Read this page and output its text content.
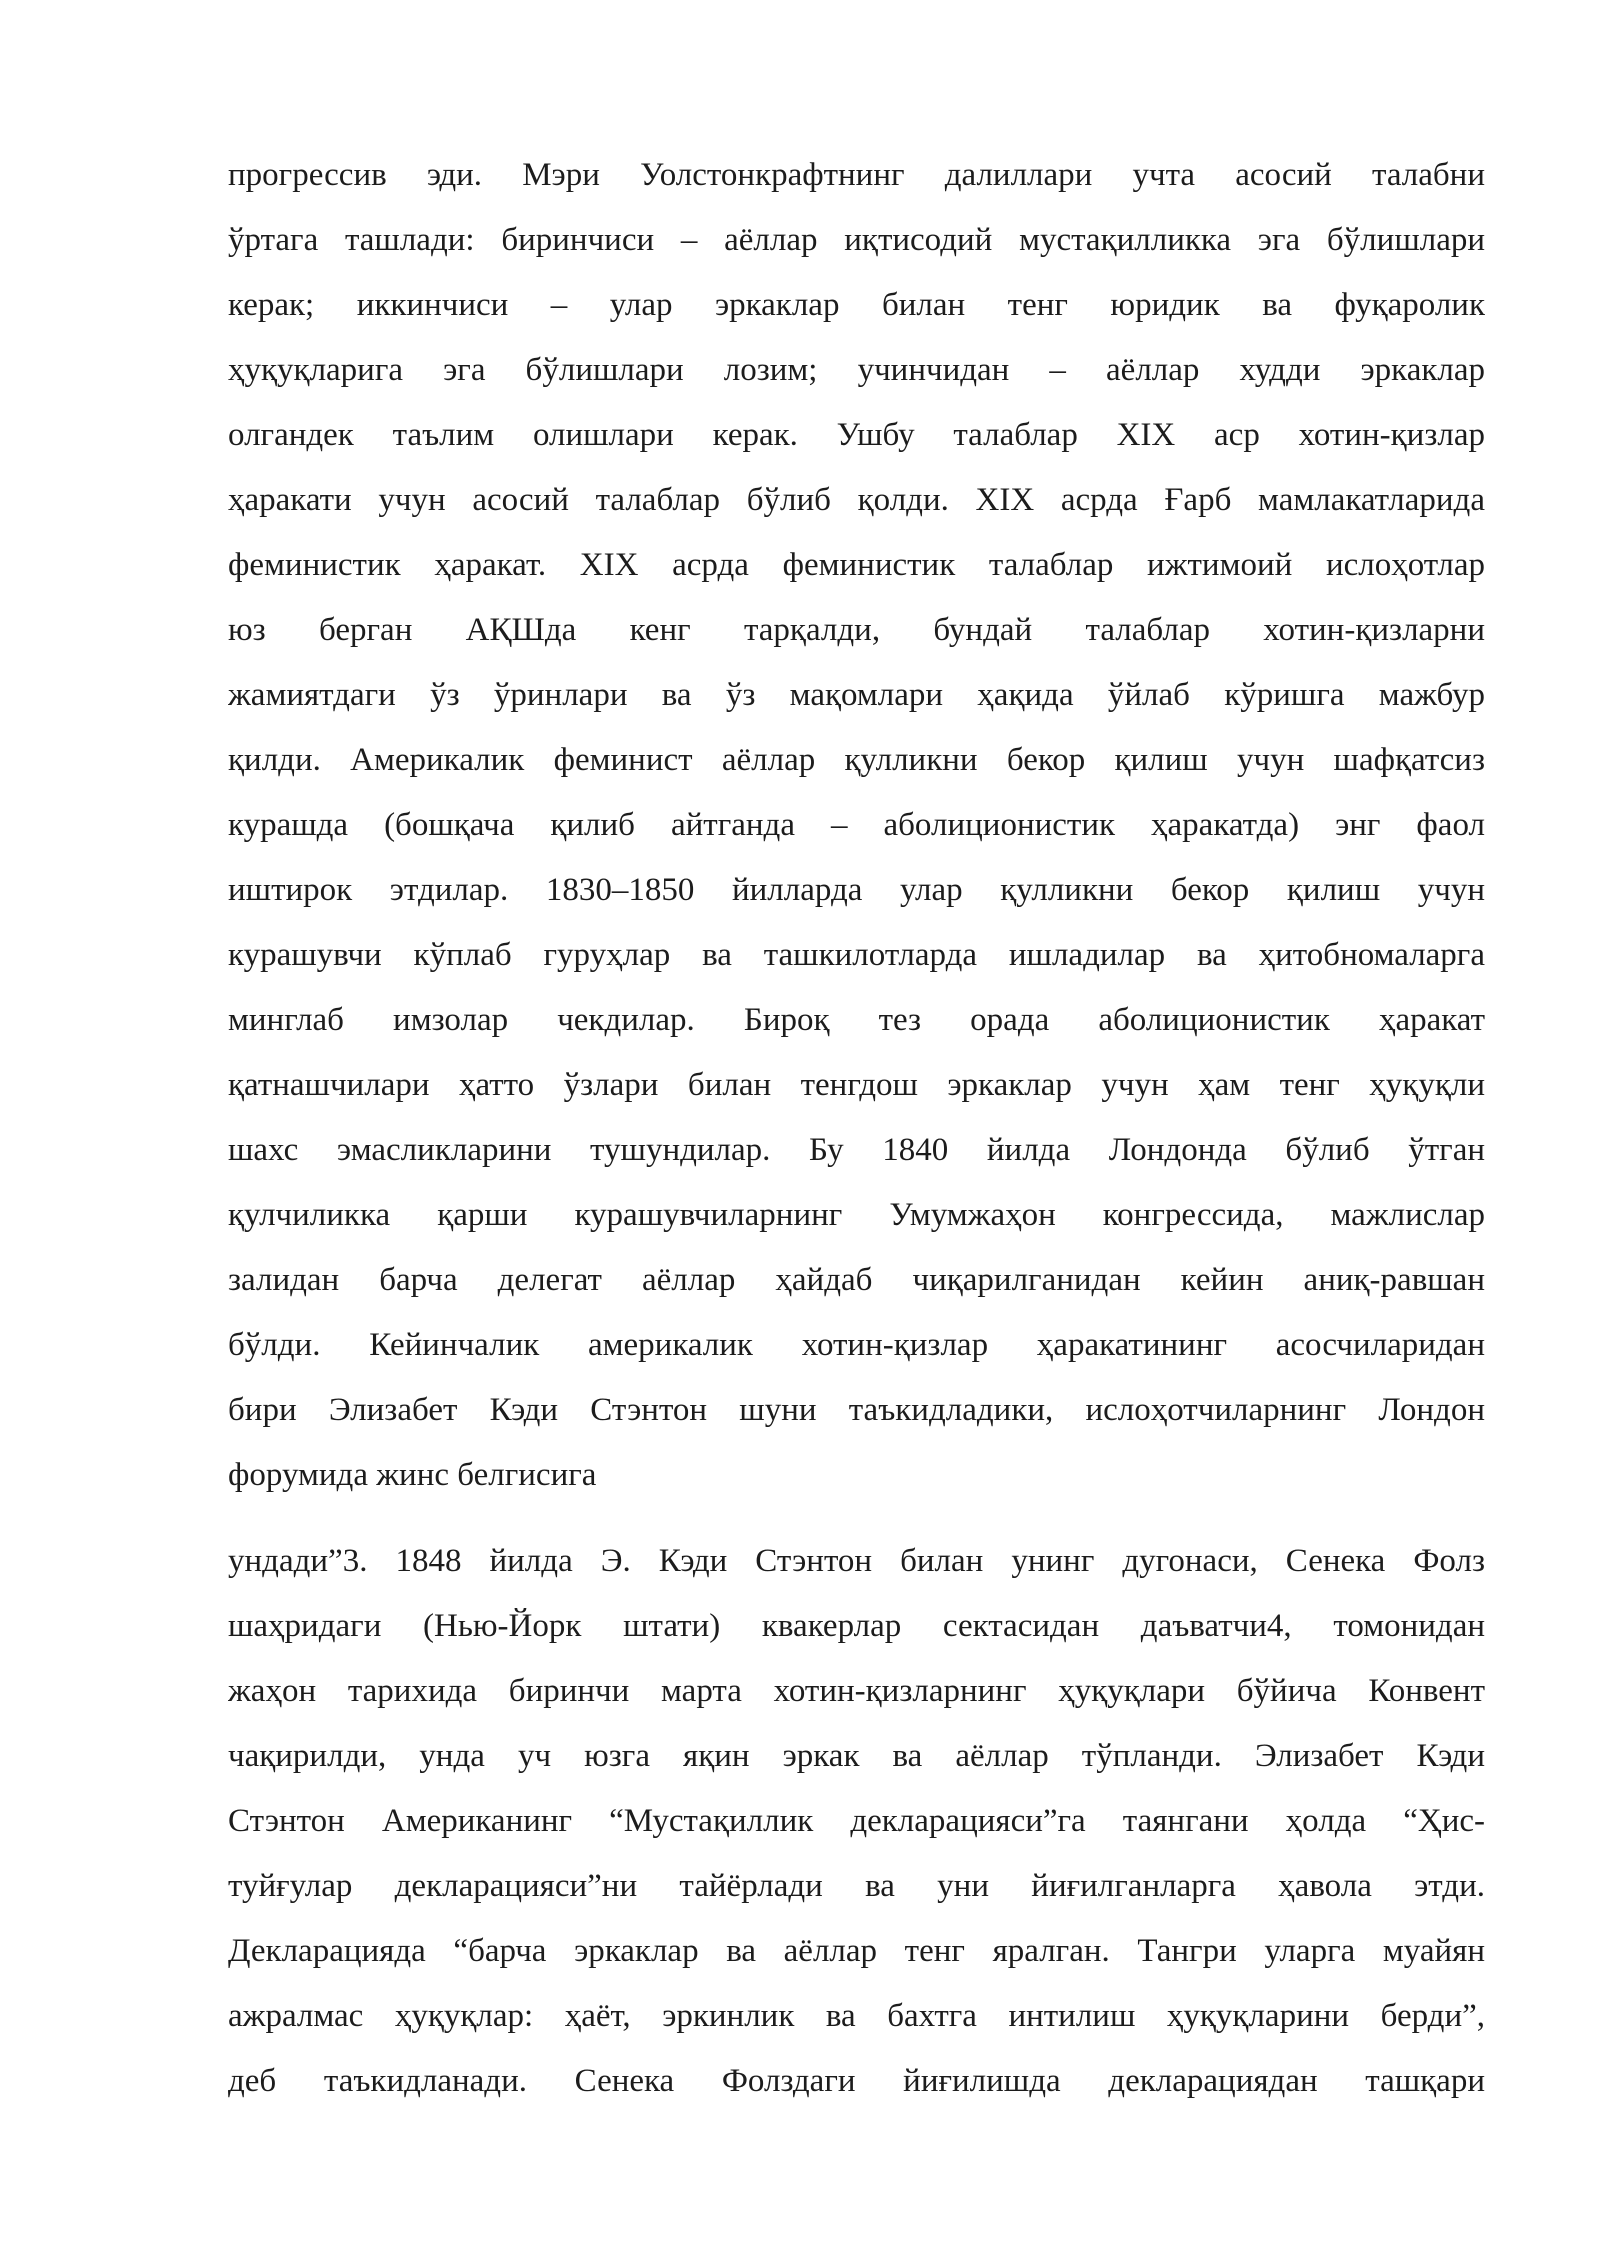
прогрессив эди. Мэри Уолстонкрафтнинг далиллари учта асосий талабни
ўртага ташлади: биринчиси – аёллар иқтисодий мустақилликка эга бўлишлари
керак; иккинчиси – улар эркаклар билан тенг юридик ва фуқаролик
ҳуқуқларига эга бўлишлари лозим; учинчидан – аёллар худди эркаклар
олгандек таълим олишлари керак. Ушбу талаблар XIX аср хотин-қизлар
ҳаракати учун асосий талаблар бўлиб қолди. XIX асрда Ғарб мамлакатларида
феминистик ҳаракат. XIX асрда феминистик талаблар ижтимоий ислоҳотлар
юз берган АҚШда кенг тарқалди, бундай талаблар хотин-қизларни
жамиятдаги ўз ўринлари ва ўз мақомлари ҳақида ўйлаб кўришга мажбур
қилди. Америкалик феминист аёллар қулликни бекор қилиш учун шафқатсиз
курашда (бошқача қилиб айтганда – аболиционистик ҳаракатда) энг фаол
иштирок этдилар. 1830–1850 йилларда улар қулликни бекор қилиш учун
курашувчи кўплаб гуруҳлар ва ташкилотларда ишладилар ва ҳитобномаларга
минглаб имзолар чекдилар. Бироқ тез орада аболиционистик ҳаракат
қатнашчилари ҳатто ўзлари билан тенгдош эркаклар учун ҳам тенг ҳуқуқли
шахс эмасликларини тушундилар. Бу 1840 йилда Лондонда бўлиб ўтган
қулчиликка қарши курашувчиларнинг Умумжаҳон конгрессида, мажлислар
залидан барча делегат аёллар ҳайдаб чиқарилганидан кейин аниқ-равшан
бўлди. Кейинчалик америкалик хотин-қизлар ҳаракатининг асосчиларидан
бири Элизабет Кэди Стэнтон шуни таъкидладики, ислоҳотчиларнинг Лондон
форумида жинс белгисига
ундади”3. 1848 йилда Э. Кэди Стэнтон билан унинг дугонаси, Сенека Фолз
шаҳридаги (Нью-Йорк штати) квакерлар сектасидан даъватчи4, томонидан
жаҳон тарихида биринчи марта хотин-қизларнинг ҳуқуқлари бўйича Конвент
чақирилди, унда уч юзга яқин эркак ва аёллар тўпланди. Элизабет Кэди
Стэнтон Американинг “Мустақиллик декларацияси”га таянгани ҳолда “Ҳис-
туйғулар декларацияси”ни тайёрлади ва уни йиғилганларга ҳавола этди.
Декларацияда “барча эркаклар ва аёллар тенг яралган. Тангри уларга муайян
ажралмас ҳуқуқлар: ҳаёт, эркинлик ва бахтга интилиш ҳуқуқларини берди”,
деб таъкидланади. Сенека Фолздаги йиғилишда декларациядан ташқари
